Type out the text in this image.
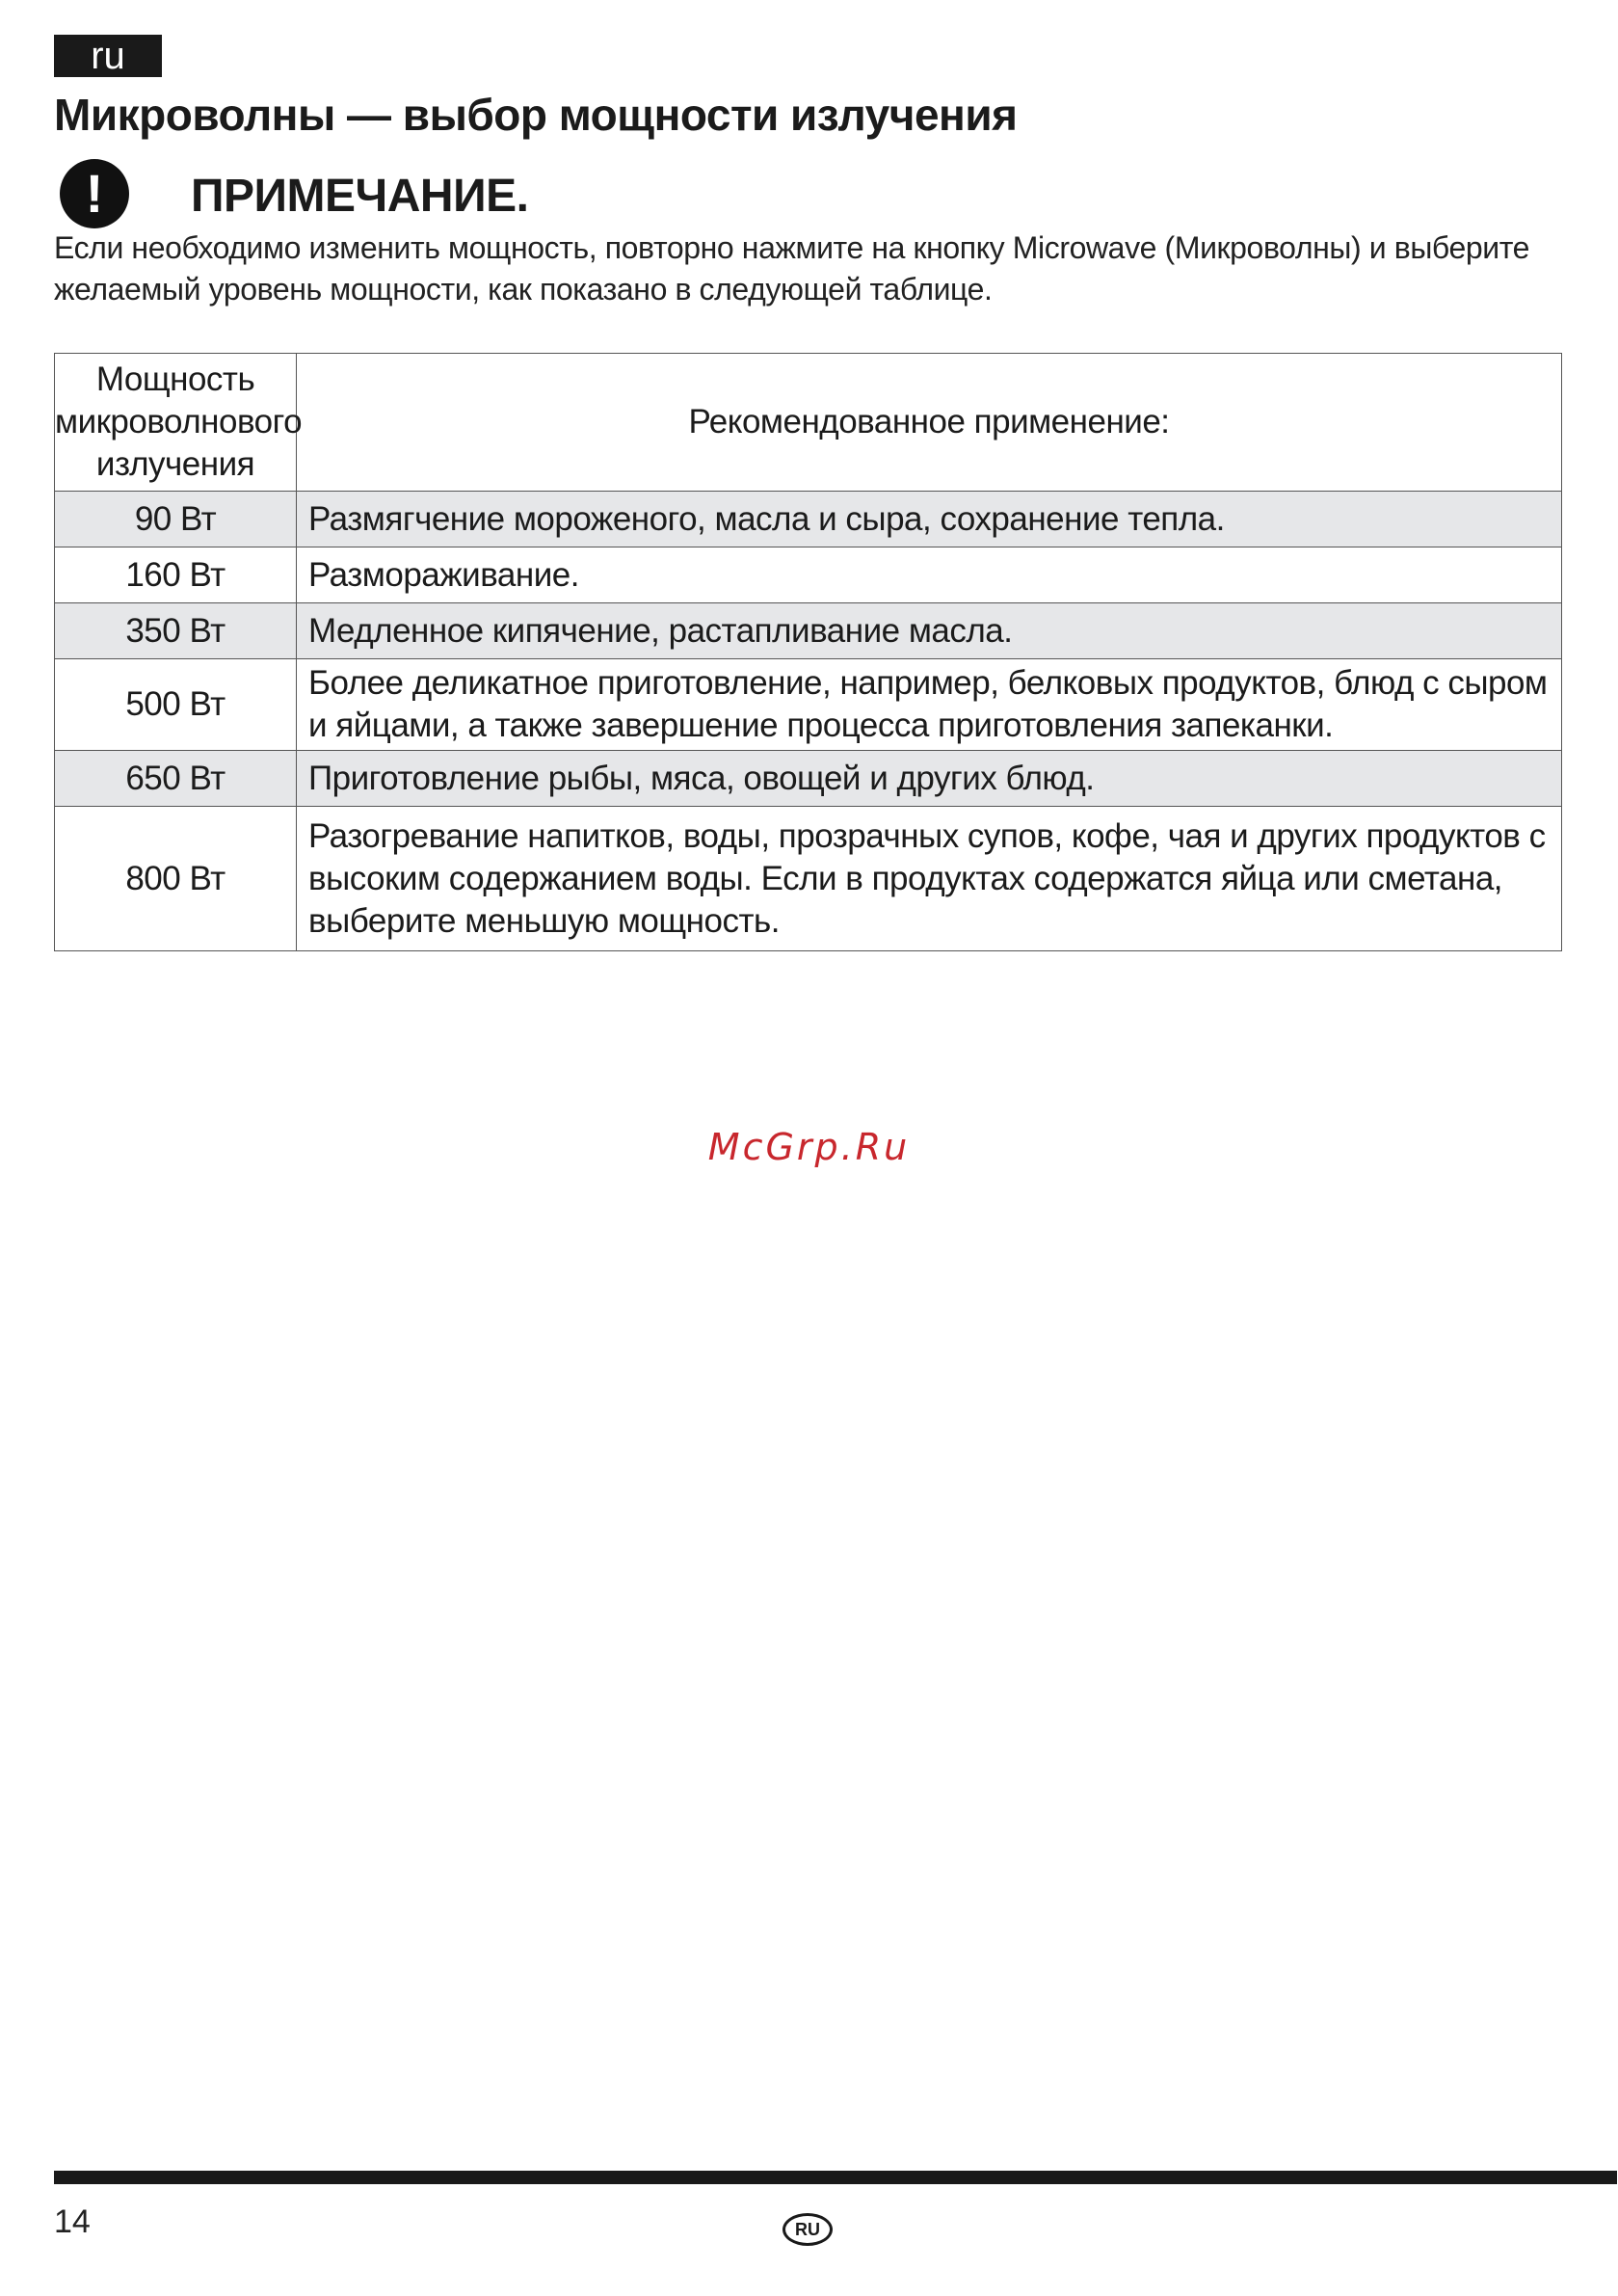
ru
Микроволны — выбор мощности излучения
!	ПРИМЕЧАНИЕ.

Если необходимо изменить мощность, повторно нажмите на кнопку Microwave (Микроволны) и выберите желаемый уровень мощности, как показано в следующей таблице.

Мощность микроволнового излучения	Рекомендованное применение:
90 Вт	Размягчение мороженого, масла и сыра, сохранение тепла.
160 Вт	Размораживание.
350 Вт	Медленное кипячение, растапливание масла.
500 Вт	Более деликатное приготовление, например, белковых продуктов, блюд с сыром и яйцами, а также завершение процесса приготовления запеканки.
650 Вт	Приготовление рыбы, мяса, овощей и других блюд.
800 Вт	Разогревание напитков, воды, прозрачных супов, кофе, чая и других продуктов с высоким содержанием воды. Если в продуктах содержатся яйца или сметана, выберите меньшую мощность.
McGrp.Ru
14	RU
